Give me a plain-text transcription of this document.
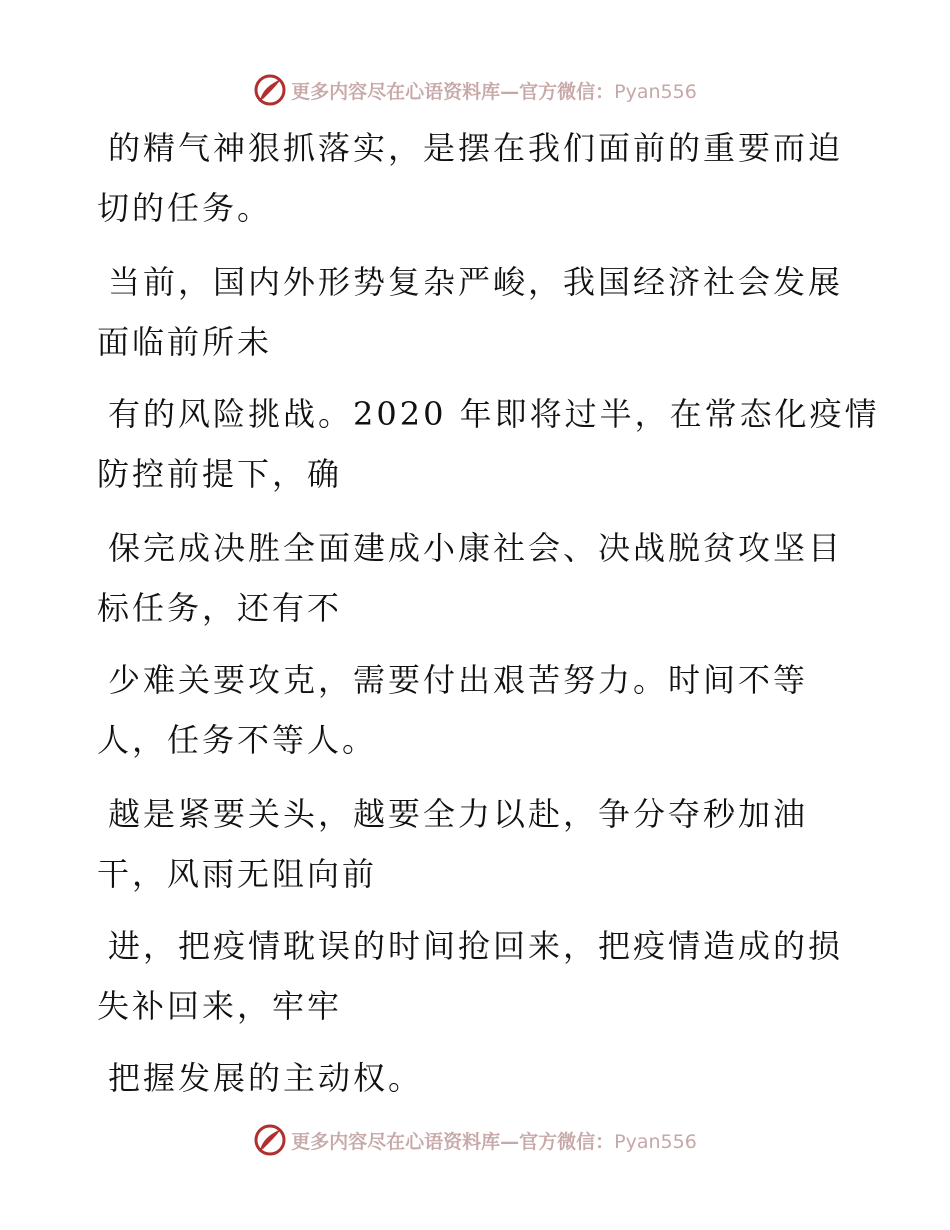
更多内容尽在心语资料库—官方微信：Pyan556
的精气神狠抓落实，是摆在我们面前的重要而迫
切的任务。
当前，国内外形势复杂严峻，我国经济社会发展
面临前所未
有的风险挑战。2020 年即将过半，在常态化疫情
防控前提下，确
保完成决胜全面建成小康社会、决战脱贫攻坚目
标任务，还有不
少难关要攻克，需要付出艰苦努力。时间不等
人，任务不等人。
越是紧要关头，越要全力以赴，争分夺秒加油
干，风雨无阻向前
进，把疫情耽误的时间抢回来，把疫情造成的损
失补回来，牢牢
把握发展的主动权。
更多内容尽在心语资料库—官方微信：Pyan556
